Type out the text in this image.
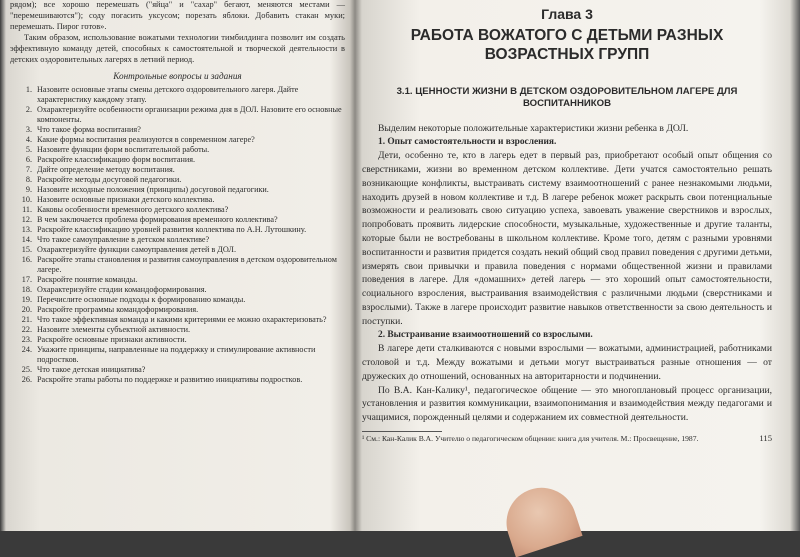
рядом); все хорошо перемешать ("яйца" и "сахар" бегают, меняются местами — "перемешиваются"); соду погасить уксусом; порезать яблоки. Добавить стакан муки; перемешать. Пирог готов».

Таким образом, использование вожатыми технологии тимбилдинга позволит им создать эффективную команду детей, способных к самостоятельной и творческой деятельности в детских оздоровительных лагерях в летний период.

Контрольные вопросы и задания
1. Назовите основные этапы смены детского оздоровительного лагеря. Дайте характеристику каждому этапу.
2. Охарактеризуйте особенности организации режима дня в ДОЛ. Назовите его основные компоненты.
3. Что такое форма воспитания?
4. Какие формы воспитания реализуются в современном лагере?
5. Назовите функции форм воспитательной работы.
6. Раскройте классификацию форм воспитания.
7. Дайте определение методу воспитания.
8. Раскройте методы досуговой педагогики.
9. Назовите исходные положения (принципы) досуговой педагогики.
10. Назовите основные признаки детского коллектива.
11. Каковы особенности временного детского коллектива?
12. В чем заключается проблема формирования временного коллектива?
13. Раскройте классификацию уровней развития коллектива по А.Н. Лутошкину.
14. Что такое самоуправление в детском коллективе?
15. Охарактеризуйте функции самоуправления детей в ДОЛ.
16. Раскройте этапы становления и развития самоуправления в детском оздоровительном лагере.
17. Раскройте понятие команды.
18. Охарактеризуйте стадии командоформирования.
19. Перечислите основные подходы к формированию команды.
20. Раскройте программы командоформирования.
21. Что такое эффективная команда и какими критериями ее можно охарактеризовать?
22. Назовите элементы субъектной активности.
23. Раскройте основные признаки активности.
24. Укажите принципы, направленные на поддержку и стимулирование активности подростков.
25. Что такое детская инициатива?
26. Раскройте этапы работы по поддержке и развитию инициативы подростков.
Глава 3
РАБОТА ВОЖАТОГО С ДЕТЬМИ РАЗНЫХ ВОЗРАСТНЫХ ГРУПП
3.1. ЦЕННОСТИ ЖИЗНИ В ДЕТСКОМ ОЗДОРОВИТЕЛЬНОМ ЛАГЕРЕ ДЛЯ ВОСПИТАННИКОВ

Выделим некоторые положительные характеристики жизни ребенка в ДОЛ.

1. Опыт самостоятельности и взросления.

Дети, особенно те, кто в лагерь едет в первый раз, приобретают особый опыт общения со сверстниками, жизни во временном детском коллективе. Дети учатся самостоятельно решать возникающие конфликты, выстраивать систему взаимоотношений с ранее незнакомыми людьми, находить друзей в новом коллективе и т.д. В лагере ребенок может раскрыть свои потенциальные возможности и реализовать свою ситуацию успеха, завоевать уважение сверстников и взрослых, попробовать проявить лидерские способности, музыкальные, художественные и другие таланты, которые были не востребованы в школьном коллективе. Кроме того, детям с разными уровнями воспитанности и развития придется создать некий общий свод правил поведения с другими детьми, измерять свои привычки и правила поведения с нормами общественной жизни и правилами поведения в лагере. Для «домашних» детей лагерь — это хороший опыт самостоятельности, социального взросления, выстраивания взаимодействия с различными людьми (сверстниками и взрослыми). Также в лагере происходит развитие навыков ответственности за свою деятельность и поступки.

2. Выстраивание взаимоотношений со взрослыми.

В лагере дети сталкиваются с новыми взрослыми — вожатыми, администрацией, работниками столовой и т.д. Между вожатыми и детьми могут выстраиваться разные отношения — от дружеских до отношений, основанных на авторитарности и подчинении.

По В.А. Кан-Калику¹, педагогическое общение — это многоплановый процесс организации, установления и развития коммуникации, взаимопонимания и взаимодействия между педагогами и учащимися, порожденный целями и содержанием их совместной деятельности.

¹ См.: Кан-Калик В.А. Учителю о педагогическом общении: книга для учителя. М.: Просвещение, 1987.	115
